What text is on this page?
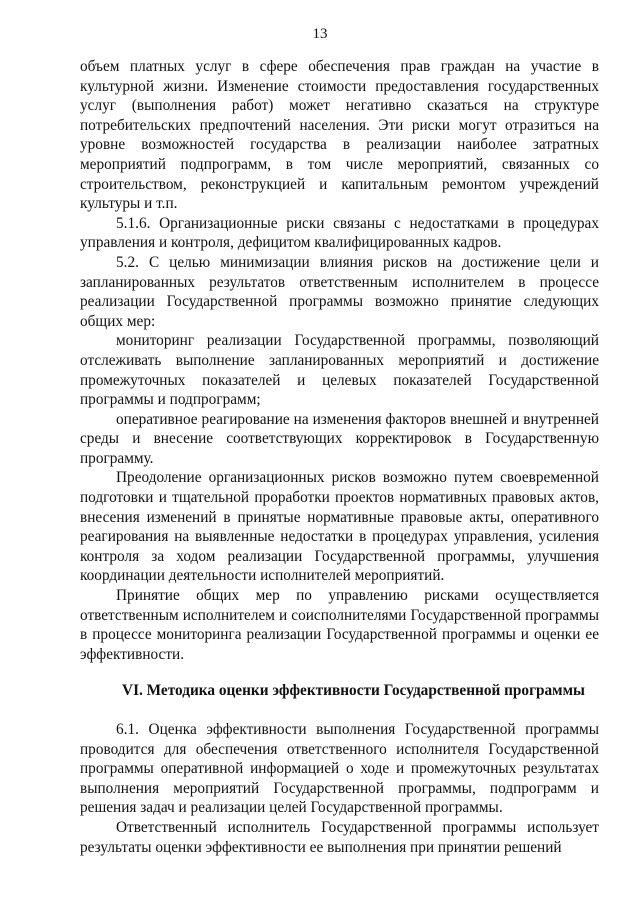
13

объем платных услуг в сфере обеспечения прав граждан на участие в культурной жизни. Изменение стоимости предоставления государственных услуг (выполнения работ) может негативно сказаться на структуре потребительских предпочтений населения. Эти риски могут отразиться на уровне возможностей государства в реализации наиболее затратных мероприятий подпрограмм, в том числе мероприятий, связанных со строительством, реконструкцией и капитальным ремонтом учреждений культуры и т.п.

5.1.6. Организационные риски связаны с недостатками в процедурах управления и контроля, дефицитом квалифицированных кадров.

5.2. С целью минимизации влияния рисков на достижение цели и запланированных результатов ответственным исполнителем в процессе реализации Государственной программы возможно принятие следующих общих мер:

мониторинг реализации Государственной программы, позволяющий отслеживать выполнение запланированных мероприятий и достижение промежуточных показателей и целевых показателей Государственной программы и подпрограмм;

оперативное реагирование на изменения факторов внешней и внутренней среды и внесение соответствующих корректировок в Государственную программу.

Преодоление организационных рисков возможно путем своевременной подготовки и тщательной проработки проектов нормативных правовых актов, внесения изменений в принятые нормативные правовые акты, оперативного реагирования на выявленные недостатки в процедурах управления, усиления контроля за ходом реализации Государственной программы, улучшения координации деятельности исполнителей мероприятий.

Принятие общих мер по управлению рисками осуществляется ответственным исполнителем и соисполнителями Государственной программы в процессе мониторинга реализации Государственной программы и оценки ее эффективности.

VI. Методика оценки эффективности Государственной программы

6.1. Оценка эффективности выполнения Государственной программы проводится для обеспечения ответственного исполнителя Государственной программы оперативной информацией о ходе и промежуточных результатах выполнения мероприятий Государственной программы, подпрограмм и решения задач и реализации целей Государственной программы.

Ответственный исполнитель Государственной программы использует результаты оценки эффективности ее выполнения при принятии решений
